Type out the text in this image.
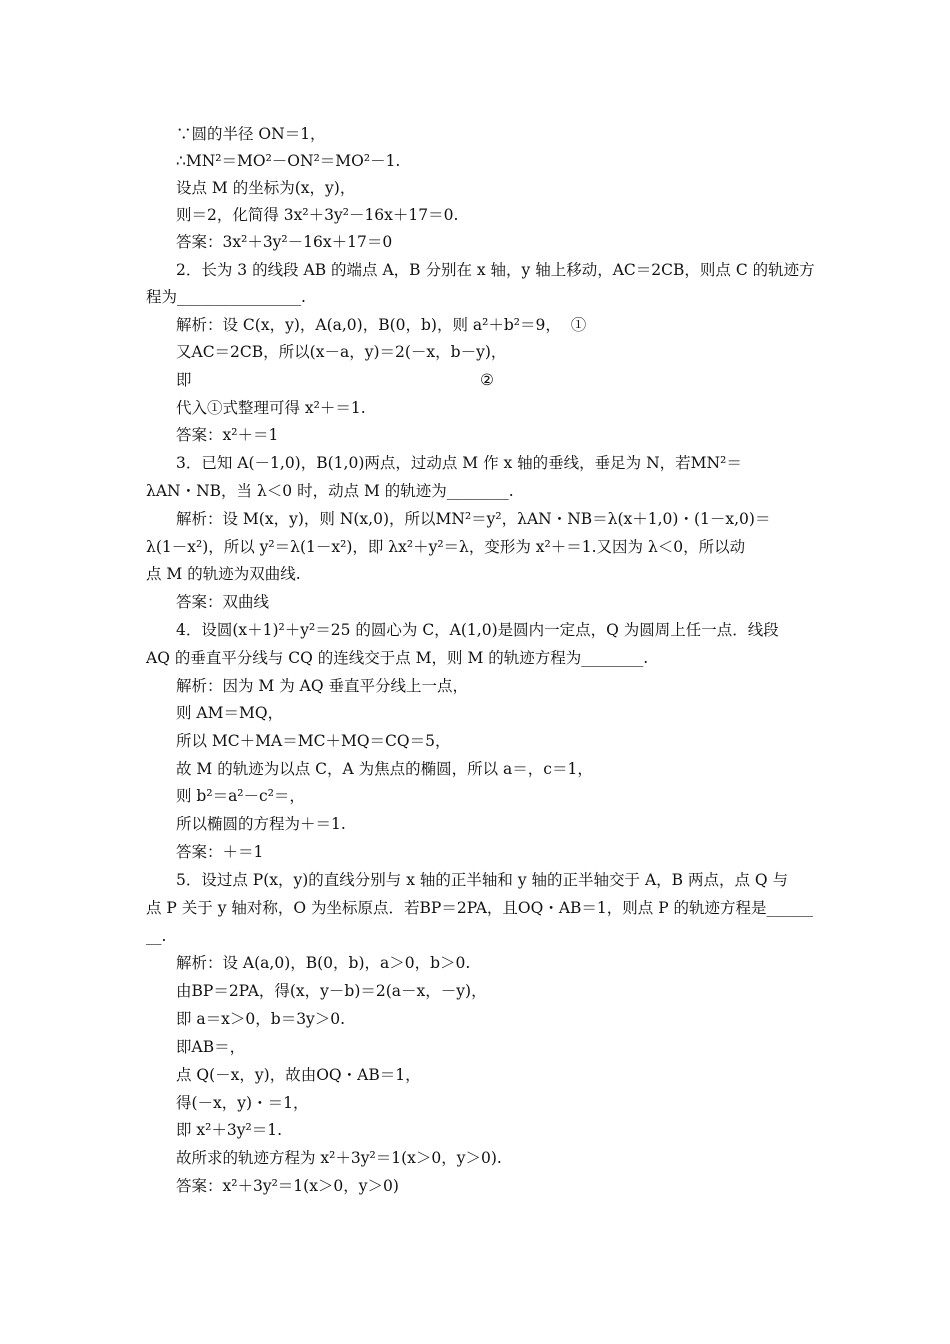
∵圆的半径 ON＝1，
∴MN²＝MO²－ON²＝MO²－1.
设点 M 的坐标为(x，y)，
则＝2，化简得 3x²＋3y²－16x＋17＝0.
答案：3x²＋3y²－16x＋17＝0
2．长为 3 的线段 AB 的端点 A，B 分别在 x 轴，y 轴上移动，AC＝2CB，则点 C 的轨迹方
程为________________.
解析：设 C(x，y)，A(a,0)，B(0，b)，则 a²＋b²＝9，  ①
又AC＝2CB，所以(x－a，y)＝2(－x，b－y)，
即	②
代入①式整理可得 x²＋＝1.
答案：x²＋＝1
3．已知 A(－1,0)，B(1,0)两点，过动点 M 作 x 轴的垂线，垂足为 N，若MN²＝
λAN・NB，当 λ＜0 时，动点 M 的轨迹为________.
解析：设 M(x，y)，则 N(x,0)，所以MN²＝y²，λAN・NB＝λ(x＋1,0)・(1－x,0)＝
λ(1－x²)，所以 y²＝λ(1－x²)，即 λx²＋y²＝λ，变形为 x²＋＝1.又因为 λ＜0，所以动
点 M 的轨迹为双曲线.
答案：双曲线
4．设圆(x＋1)²＋y²＝25 的圆心为 C，A(1,0)是圆内一定点，Q 为圆周上任一点．线段
AQ 的垂直平分线与 CQ 的连线交于点 M，则 M 的轨迹方程为________.
解析：因为 M 为 AQ 垂直平分线上一点，
则 AM＝MQ，
所以 MC＋MA＝MC＋MQ＝CQ＝5，
故 M 的轨迹为以点 C，A 为焦点的椭圆，所以 a＝，c＝1，
则 b²＝a²－c²＝，
所以椭圆的方程为＋＝1.
答案：＋＝1
5．设过点 P(x，y)的直线分别与 x 轴的正半轴和 y 轴的正半轴交于 A，B 两点，点 Q 与
点 P 关于 y 轴对称，O 为坐标原点．若BP＝2PA，且OQ・AB＝1，则点 P 的轨迹方程是______
__.
解析：设 A(a,0)，B(0，b)，a＞0，b＞0.
由BP＝2PA，得(x，y－b)＝2(a－x，－y)，
即 a＝x＞0，b＝3y＞0.
即AB＝，
点 Q(－x，y)，故由OQ・AB＝1，
得(－x，y)・＝1，
即 x²＋3y²＝1.
故所求的轨迹方程为 x²＋3y²＝1(x＞0，y＞0).
答案：x²＋3y²＝1(x＞0，y＞0)
